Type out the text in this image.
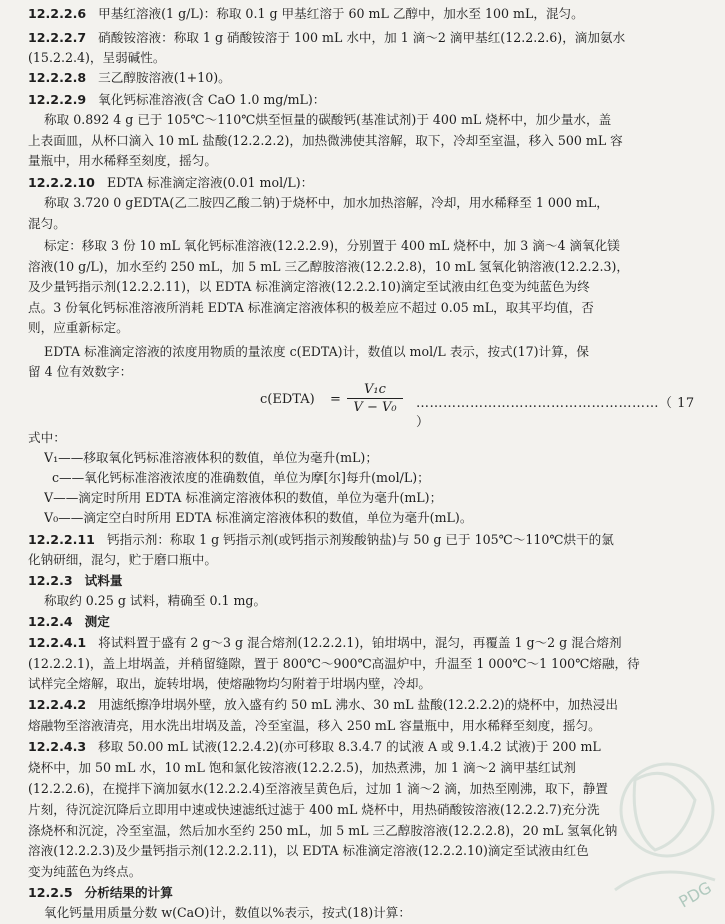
12.2.2.6 甲基红溶液(1 g/L)：称取 0.1 g 甲基红溶于 60 mL 乙醇中，加水至 100 mL，混匀。
12.2.2.7 硝酸铵溶液：称取 1 g 硝酸铵溶于 100 mL 水中，加 1 滴～2 滴甲基红(12.2.2.6)，滴加氨水
(15.2.2.4)，呈弱碱性。
12.2.2.8 三乙醇胺溶液(1+10)。
12.2.2.9 氧化钙标准溶液(含 CaO 1.0 mg/mL)：
称取 0.892 4 g 已于 105℃～110℃烘至恒量的碳酸钙(基准试剂)于 400 mL 烧杯中，加少量水，盖
上表面皿，从杯口滴入 10 mL 盐酸(12.2.2.2)，加热微沸使其溶解，取下，冷却至室温，移入 500 mL 容
量瓶中，用水稀释至刻度，摇匀。
12.2.2.10 EDTA 标准滴定溶液(0.01 mol/L)：
称取 3.720 0 gEDTA(乙二胺四乙酸二钠)于烧杯中，加水加热溶解，冷却，用水稀释至 1 000 mL，
混匀。
标定：移取 3 份 10 mL 氧化钙标准溶液(12.2.2.9)，分别置于 400 mL 烧杯中，加 3 滴～4 滴氧化镁
溶液(10 g/L)，加水至约 250 mL，加 5 mL 三乙醇胺溶液(12.2.2.8)，10 mL 氢氧化钠溶液(12.2.2.3)，
及少量钙指示剂(12.2.2.11)，以 EDTA 标准滴定溶液(12.2.2.10)滴定至试液由红色变为纯蓝色为终
点。3 份氧化钙标准溶液所消耗 EDTA 标准滴定溶液体积的极差应不超过 0.05 mL，取其平均值，否
则，应重新标定。
EDTA 标准滴定溶液的浓度用物质的量浓度 c(EDTA)计，数值以 mol/L 表示，按式(17)计算，保
留 4 位有效数字：
c(EDTA) = $\frac{\text{V₁c}}{\text{V − V₀}}$ ………………………………………………（ 17 ）
式中：
V₁——移取氧化钙标准溶液体积的数值，单位为毫升(mL)；
c——氧化钙标准溶液浓度的准确数值，单位为摩[尔]每升(mol/L)；
V——滴定时所用 EDTA 标准滴定溶液体积的数值，单位为毫升(mL)；
V₀——滴定空白时所用 EDTA 标准滴定溶液体积的数值，单位为毫升(mL)。
12.2.2.11 钙指示剂：称取 1 g 钙指示剂(或钙指示剂羧酸钠盐)与 50 g 已于 105℃～110℃烘干的氯
化钠研细，混匀，贮于磨口瓶中。
12.2.3 试料量
称取约 0.25 g 试料，精确至 0.1 mg。
12.2.4 测定
12.2.4.1 将试料置于盛有 2 g～3 g 混合熔剂(12.2.2.1)，铂坩埚中，混匀，再覆盖 1 g～2 g 混合熔剂
(12.2.2.1)，盖上坩埚盖，并稍留缝隙，置于 800℃～900℃高温炉中，升温至 1 000℃～1 100℃熔融，待
试样完全熔解，取出，旋转坩埚，使熔融物均匀附着于坩埚内壁，冷却。
12.2.4.2 用滤纸擦净坩埚外壁，放入盛有约 50 mL 沸水、30 mL 盐酸(12.2.2.2)的烧杯中，加热浸出
熔融物至溶液清亮，用水洗出坩埚及盖，冷至室温，移入 250 mL 容量瓶中，用水稀释至刻度，摇匀。
12.2.4.3 移取 50.00 mL 试液(12.2.4.2)(亦可移取 8.3.4.7 的试液 A 或 9.1.4.2 试液)于 200 mL
烧杯中，加 50 mL 水，10 mL 饱和氯化铵溶液(12.2.2.5)，加热煮沸，加 1 滴～2 滴甲基红试剂
(12.2.2.6)，在搅拌下滴加氨水(12.2.2.4)至溶液呈黄色后，过加 1 滴～2 滴，加热至刚沸，取下，静置
片刻，待沉淀沉降后立即用中速或快速滤纸过滤于 400 mL 烧杯中，用热硝酸铵溶液(12.2.2.7)充分洗
涤烧杯和沉淀，冷至室温，然后加水至约 250 mL，加 5 mL 三乙醇胺溶液(12.2.2.8)，20 mL 氢氧化钠
溶液(12.2.2.3)及少量钙指示剂(12.2.2.11)，以 EDTA 标准滴定溶液(12.2.2.10)滴定至试液由红色
变为纯蓝色为终点。
12.2.5 分析结果的计算
氧化钙量用质量分数 w(CaO)计，数值以%表示，按式(18)计算：
PDG
